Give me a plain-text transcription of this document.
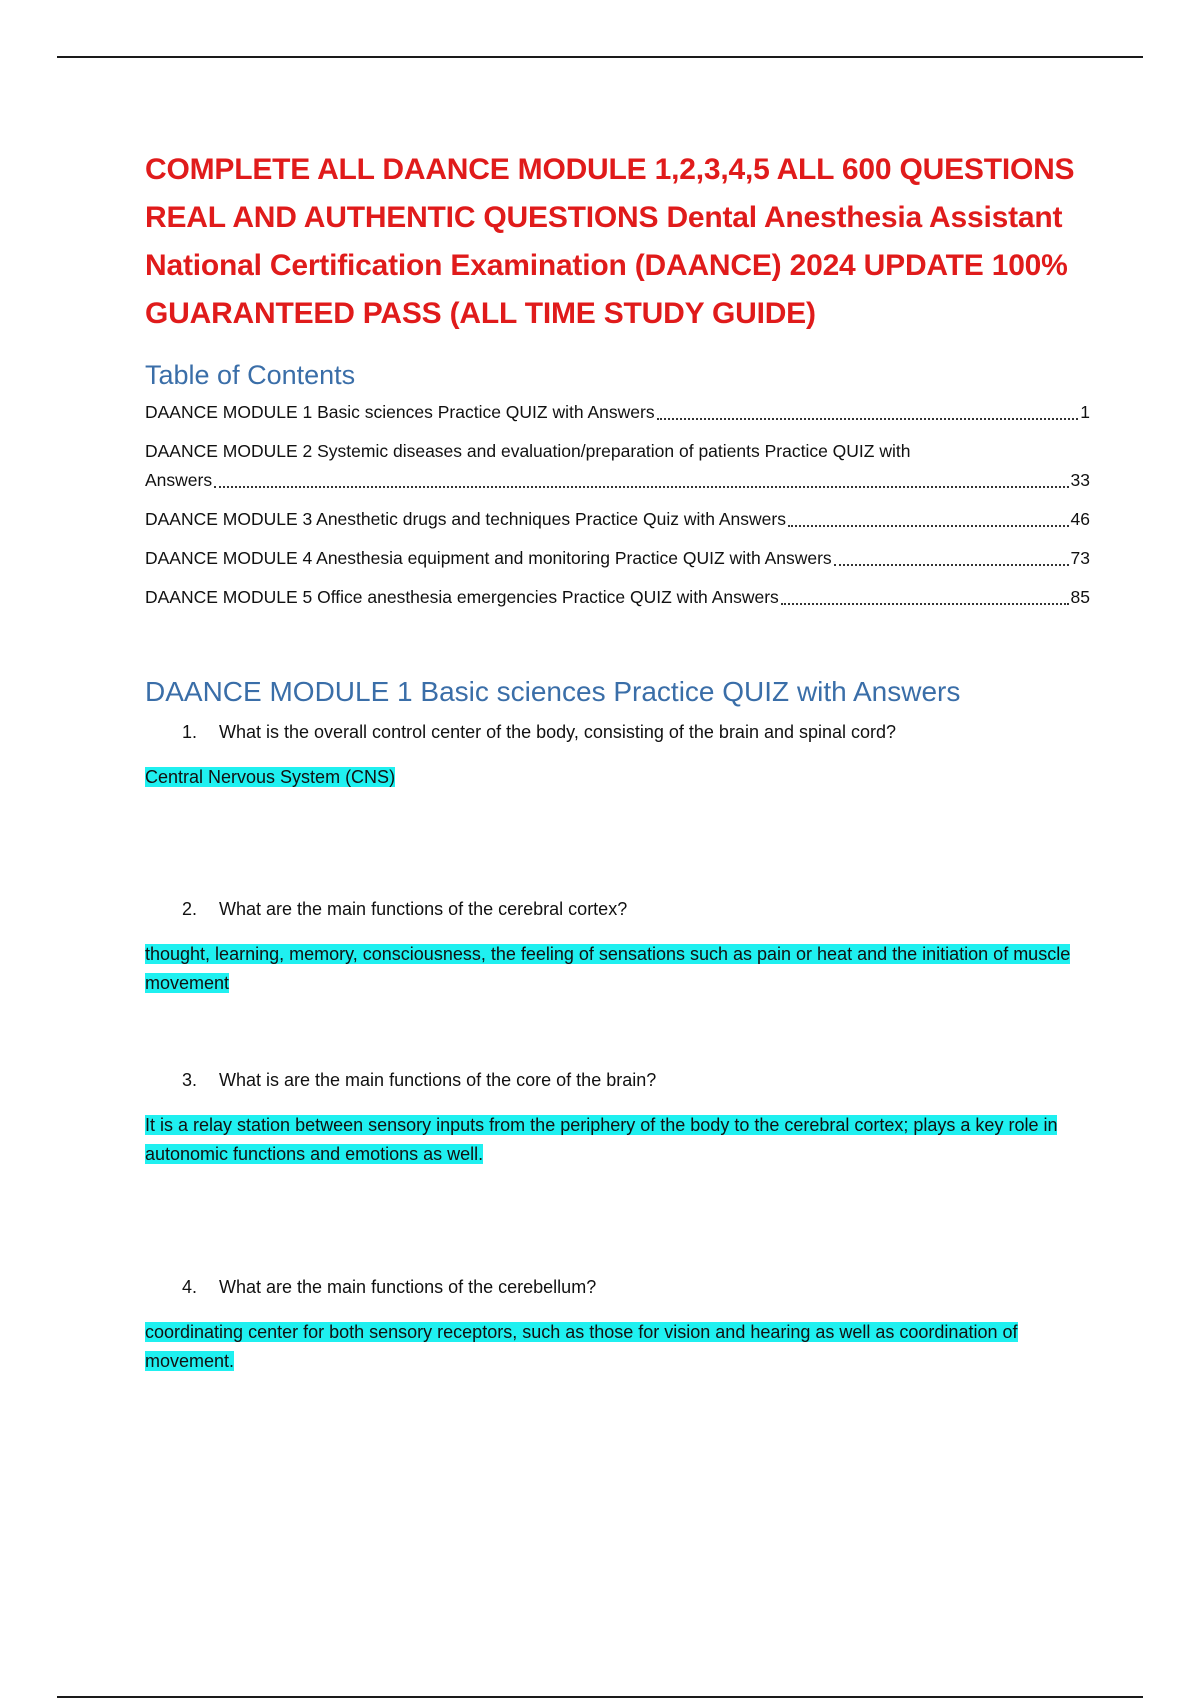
COMPLETE ALL DAANCE MODULE 1,2,3,4,5 ALL 600 QUESTIONS REAL AND AUTHENTIC QUESTIONS Dental Anesthesia Assistant National Certification Examination (DAANCE) 2024 UPDATE 100% GUARANTEED PASS (ALL TIME STUDY GUIDE)
Table of Contents
DAANCE MODULE 1 Basic sciences Practice QUIZ with Answers	1
DAANCE MODULE 2 Systemic diseases and evaluation/preparation of patients Practice QUIZ with
Answers	33
DAANCE MODULE 3 Anesthetic drugs and techniques Practice Quiz with Answers	46
DAANCE MODULE 4 Anesthesia equipment and monitoring Practice QUIZ with Answers	73
DAANCE MODULE 5 Office anesthesia emergencies Practice QUIZ with Answers	85
DAANCE MODULE 1 Basic sciences Practice QUIZ with Answers
1.	What is the overall control center of the body, consisting of the brain and spinal cord?

Central Nervous System (CNS)

2.	What are the main functions of the cerebral cortex?

thought, learning, memory, consciousness, the feeling of sensations such as pain or heat and the initiation of muscle movement

3.	What is are the main functions of the core of the brain?

It is a relay station between sensory inputs from the periphery of the body to the cerebral cortex; plays a key role in autonomic functions and emotions as well.

4.	What are the main functions of the cerebellum?

coordinating center for both sensory receptors, such as those for vision and hearing as well as coordination of movement.
